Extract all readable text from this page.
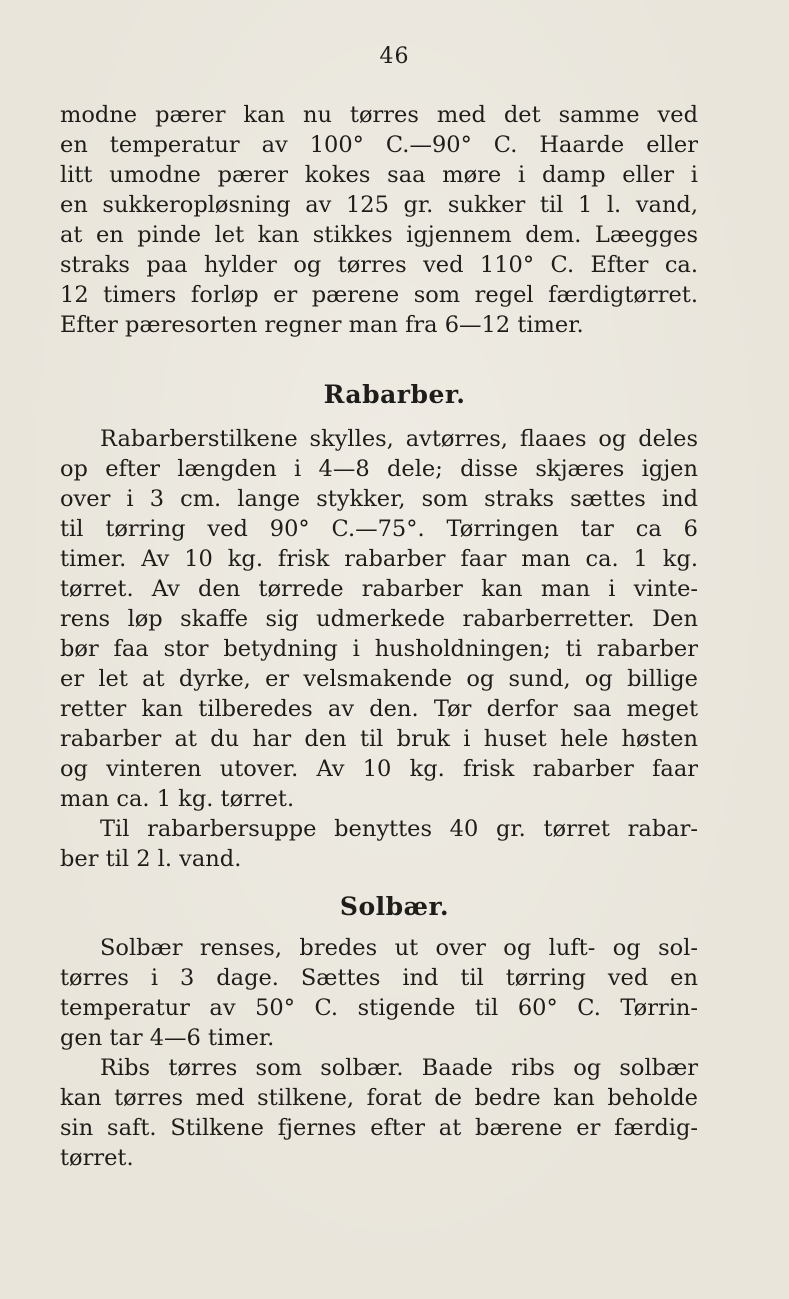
46
modne pærer kan nu tørres med det samme ved
en temperatur av 100° C.—90° C. Haarde eller
litt umodne pærer kokes saa møre i damp eller i
en sukkeropløsning av 125 gr. sukker til 1 l. vand,
at en pinde let kan stikkes igjennem dem. Læegges
straks paa hylder og tørres ved 110° C. Efter ca.
12 timers forløp er pærene som regel færdigtørret.
Efter pæresorten regner man fra 6—12 timer.
Rabarber.
Rabarberstilkene skylles, avtørres, flaaes og deles
op efter længden i 4—8 dele; disse skjæres igjen
over i 3 cm. lange stykker, som straks sættes ind
til tørring ved 90° C.—75°. Tørringen tar ca 6
timer. Av 10 kg. frisk rabarber faar man ca. 1 kg.
tørret. Av den tørrede rabarber kan man i vinte-
rens løp skaffe sig udmerkede rabarberretter. Den
bør faa stor betydning i husholdningen; ti rabarber
er let at dyrke, er velsmakende og sund, og billige
retter kan tilberedes av den. Tør derfor saa meget
rabarber at du har den til bruk i huset hele høsten
og vinteren utover. Av 10 kg. frisk rabarber faar
man ca. 1 kg. tørret.
Til rabarbersuppe benyttes 40 gr. tørret rabar-
ber til 2 l. vand.
Solbær.
Solbær renses, bredes ut over og luft- og sol-
tørres i 3 dage. Sættes ind til tørring ved en
temperatur av 50° C. stigende til 60° C. Tørrin-
gen tar 4—6 timer.
Ribs tørres som solbær. Baade ribs og solbær
kan tørres med stilkene, forat de bedre kan beholde
sin saft. Stilkene fjernes efter at bærene er færdig-
tørret.
